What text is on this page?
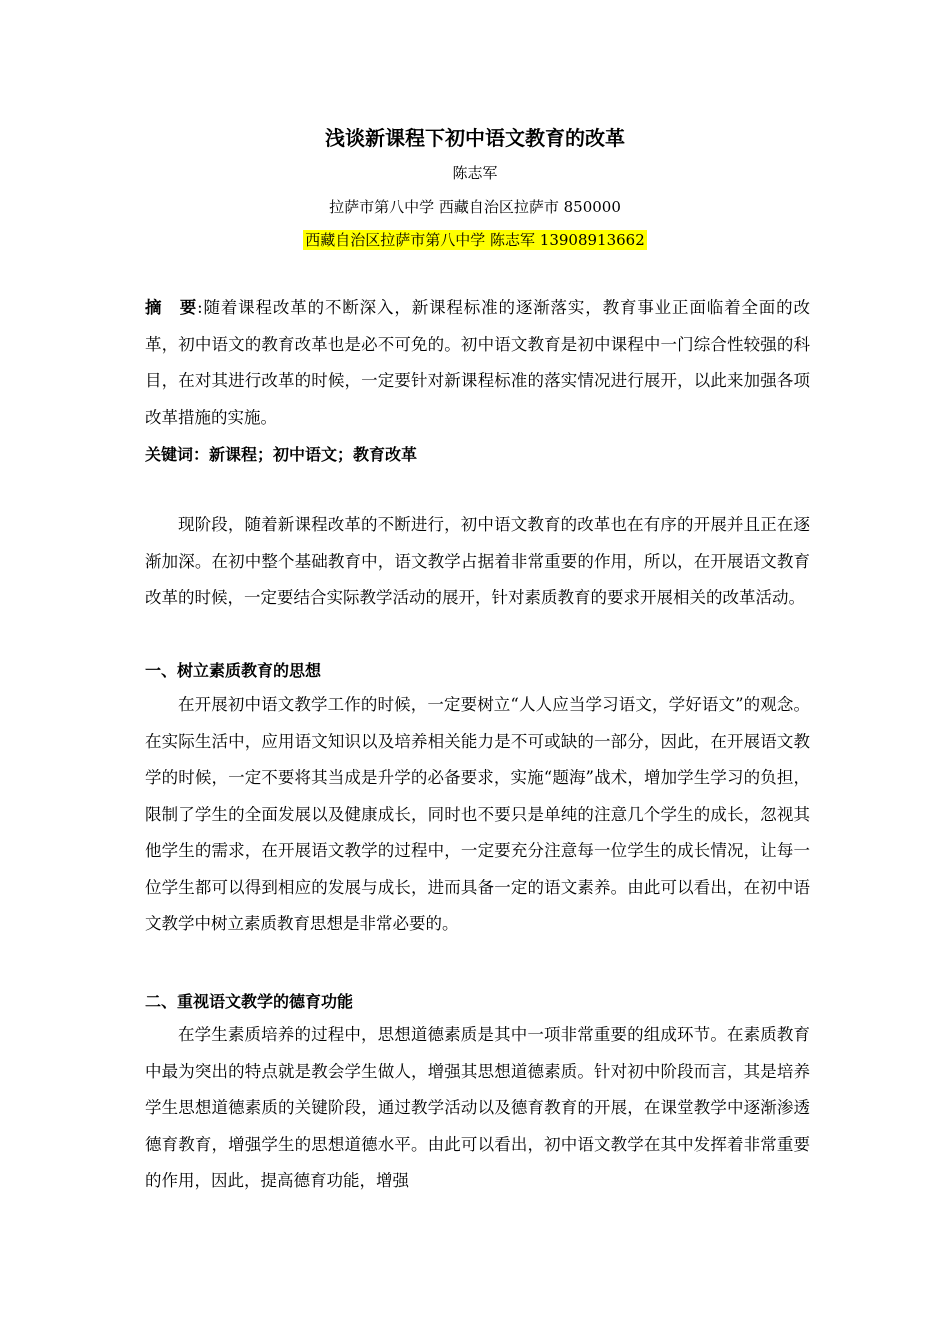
浅谈新课程下初中语文教育的改革

陈志军

拉萨市第八中学 西藏自治区拉萨市 850000

西藏自治区拉萨市第八中学 陈志军 13908913662

摘　要:随着课程改革的不断深入，新课程标准的逐渐落实，教育事业正面临着全面的改革，初中语文的教育改革也是必不可免的。初中语文教育是初中课程中一门综合性较强的科目，在对其进行改革的时候，一定要针对新课程标准的落实情况进行展开，以此来加强各项改革措施的实施。

关键词：新课程；初中语文；教育改革

现阶段，随着新课程改革的不断进行，初中语文教育的改革也在有序的开展并且正在逐渐加深。在初中整个基础教育中，语文教学占据着非常重要的作用，所以，在开展语文教育改革的时候，一定要结合实际教学活动的展开，针对素质教育的要求开展相关的改革活动。

一、树立素质教育的思想

在开展初中语文教学工作的时候，一定要树立“人人应当学习语文，学好语文”的观念。在实际生活中，应用语文知识以及培养相关能力是不可或缺的一部分，因此，在开展语文教学的时候，一定不要将其当成是升学的必备要求，实施“题海”战术，增加学生学习的负担，限制了学生的全面发展以及健康成长，同时也不要只是单纯的注意几个学生的成长，忽视其他学生的需求，在开展语文教学的过程中，一定要充分注意每一位学生的成长情况，让每一位学生都可以得到相应的发展与成长，进而具备一定的语文素养。由此可以看出，在初中语文教学中树立素质教育思想是非常必要的。

二、重视语文教学的德育功能

在学生素质培养的过程中，思想道德素质是其中一项非常重要的组成环节。在素质教育中最为突出的特点就是教会学生做人，增强其思想道德素质。针对初中阶段而言，其是培养学生思想道德素质的关键阶段，通过教学活动以及德育教育的开展，在课堂教学中逐渐渗透德育教育，增强学生的思想道德水平。由此可以看出，初中语文教学在其中发挥着非常重要的作用，因此，提高德育功能，增强
